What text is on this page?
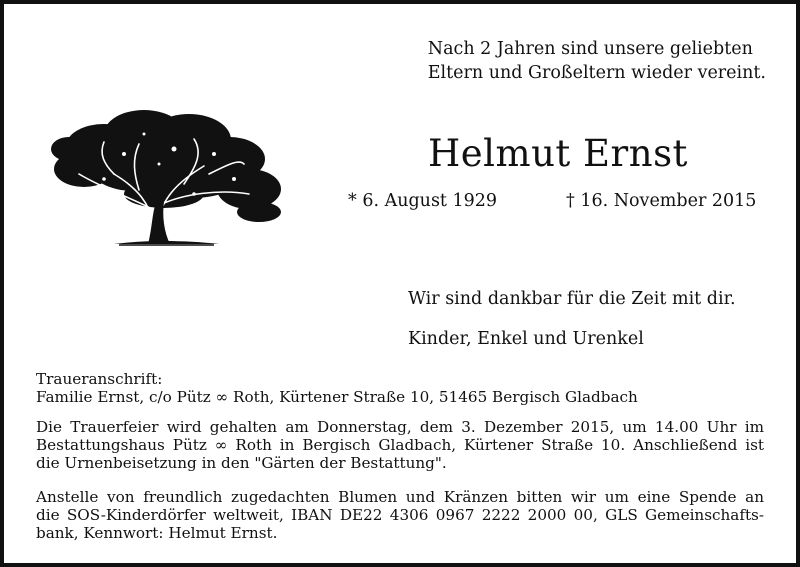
Nach 2 Jahren sind unsere geliebten
Eltern und Großeltern wieder vereint.
Helmut Ernst
* 6. August 1929	† 16. November 2015
Wir sind dankbar für die Zeit mit dir.
Kinder, Enkel und Urenkel
Traueranschrift:
Familie Ernst, c/o Pütz ∞ Roth, Kürtener Straße 10, 51465 Bergisch Gladbach
Die Trauerfeier wird gehalten am Donnerstag, dem 3. Dezember 2015, um 14.00 Uhr im
Bestattungshaus Pütz ∞ Roth in Bergisch Gladbach, Kürtener Straße 10. Anschließend ist
die Urnenbeisetzung in den "Gärten der Bestattung".
Anstelle von freundlich zugedachten Blumen und Kränzen bitten wir um eine Spende an
die SOS-Kinderdörfer weltweit, IBAN DE22 4306 0967 2222 2000 00, GLS Gemeinschafts-
bank, Kennwort: Helmut Ernst.
